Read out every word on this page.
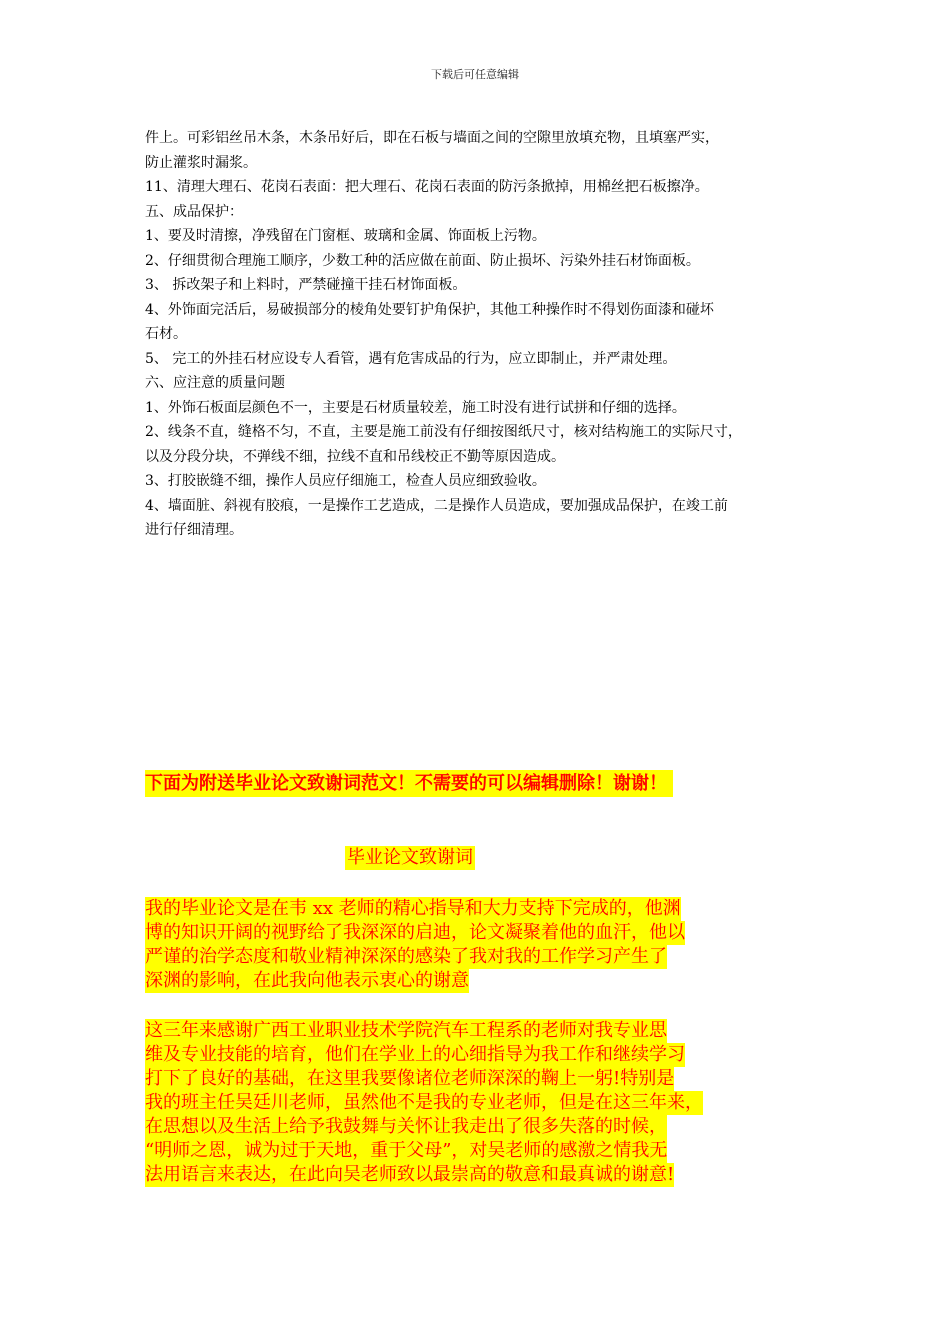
下载后可任意编辑
件上。可彩铝丝吊木条，木条吊好后，即在石板与墙面之间的空隙里放填充物，且填塞严实，
防止灌浆时漏浆。
11、清理大理石、花岗石表面：把大理石、花岗石表面的防污条掀掉，用棉丝把石板擦净。
五、成品保护：
1、要及时清擦，净残留在门窗框、玻璃和金属、饰面板上污物。
2、仔细贯彻合理施工顺序，少数工种的活应做在前面、防止损坏、污染外挂石材饰面板。
3、 拆改架子和上料时，严禁碰撞干挂石材饰面板。
4、外饰面完活后，易破损部分的棱角处要钉护角保护，其他工种操作时不得划伤面漆和碰坏
石材。
5、 完工的外挂石材应设专人看管，遇有危害成品的行为，应立即制止，并严肃处理。
六、应注意的质量问题
1、外饰石板面层颜色不一，主要是石材质量较差，施工时没有进行试拼和仔细的选择。
2、线条不直，缝格不匀，不直，主要是施工前没有仔细按图纸尺寸，核对结构施工的实际尺寸，
以及分段分块，不弹线不细，拉线不直和吊线校正不勤等原因造成。
3、打胶嵌缝不细，操作人员应仔细施工，检查人员应细致验收。
4、墙面脏、斜视有胶痕，一是操作工艺造成，二是操作人员造成，要加强成品保护，在竣工前
进行仔细清理。
下面为附送毕业论文致谢词范文！不需要的可以编辑删除！谢谢！
毕业论文致谢词
我的毕业论文是在韦 xx 老师的精心指导和大力支持下完成的，他渊
博的知识开阔的视野给了我深深的启迪，论文凝聚着他的血汗，他以
严谨的治学态度和敬业精神深深的感染了我对我的工作学习产生了
深渊的影响，在此我向他表示衷心的谢意
这三年来感谢广西工业职业技术学院汽车工程系的老师对我专业思
维及专业技能的培育，他们在学业上的心细指导为我工作和继续学习
打下了良好的基础，在这里我要像诸位老师深深的鞠上一躬!特别是
我的班主任吴廷川老师，虽然他不是我的专业老师，但是在这三年来，
在思想以及生活上给予我鼓舞与关怀让我走出了很多失落的时候，
“明师之恩，诚为过于天地，重于父母”，对吴老师的感激之情我无
法用语言来表达，在此向吴老师致以最崇高的敬意和最真诚的谢意!
